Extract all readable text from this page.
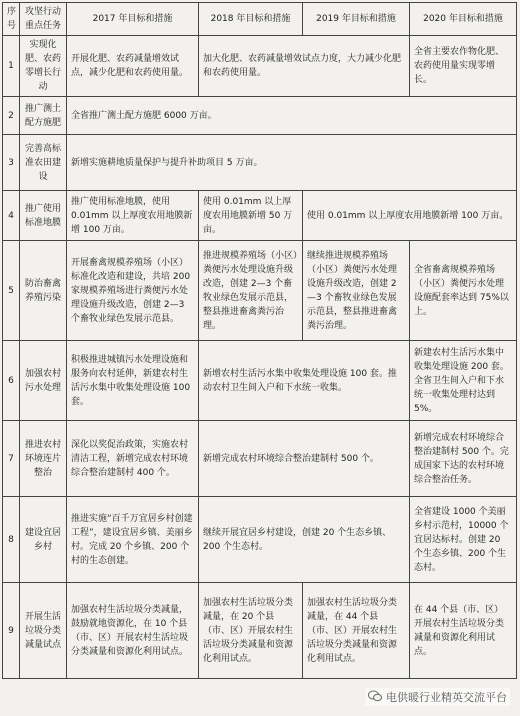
序号	攻坚行动重点任务	2017 年目标和措施	2018 年目标和措施	2019 年目标和措施	2020 年目标和措施
1	实现化肥、农药零增长行动	开展化肥、农药减量增效试点，减少化肥和农药使用量。	加大化肥、农药减量增效试点力度，大力减少化肥和农药使用量。		全省主要农作物化肥、农药使用量实现零增长。
2	推广测土配方施肥	全省推广测土配方施肥 6000 万亩。			
3	完善高标准农田建设	新增实施耕地质量保护与提升补助项目 5 万亩。			
4	推广使用标准地膜	推广使用标准地膜，使用 0.01mm 以上厚度农用地膜新增 100 万亩。	使用 0.01mm 以上厚度农用地膜新增 50 万亩。	使用 0.01mm 以上厚度农用地膜新增 100 万亩。	
5	防治畜禽养殖污染	开展畜禽规模养殖场（小区）标准化改造和建设，共培 200 家规模养殖场进行粪便污水处理设施升级改造，创建 2—3 个畜牧业绿色发展示范县。	推进规模养殖场（小区）粪便污水处理设施升级改造，创建 2—3 个畜牧业绿色发展示范县，整县推进畜禽粪污治理。	继续推进规模养殖场（小区）粪便污水处理设施升级改造，创建 2—3 个畜牧业绿色发展示范县，整县推进畜禽粪污治理。	全省畜禽规模养殖场（小区）粪便污水处理设施配套率达到 75%以上。
6	加强农村污水处理	积极推进城镇污水处理设施和服务向农村延伸，新建农村生活污水集中收集处理设施 100 套。	新增农村生活污水集中收集处理设施 100 套。推动农村卫生间入户和下水统一收集。		新建农村生活污水集中收集处理设施 200 套。全省卫生间入户和下水统一收集处理村达到 5%。
7	推进农村环境连片整治	深化以奖促治政策，实施农村清洁工程，新增完成农村环境综合整治建制村 400 个。	新增完成农村环境综合整治建制村 500 个。		新增完成农村环境综合整治建制村 500 个。完成国家下达的农村环境综合整治任务。
8	建设宜居乡村	推进实施“百千万宜居乡村创建工程”，建设宜居乡镇、美丽乡村。完成 20 个乡镇、200 个村的生态创建。	继续开展宜居乡村建设，创建 20 个生态乡镇、200 个生态村。		全省建设 1000 个美丽乡村示范村，10000 个宜居达标村。创建 20 个生态乡镇、200 个生态村。
9	开展生活垃圾分类减量试点	加强农村生活垃圾分类减量，鼓励就地资源化，在 10 个县（市、区）开展农村生活垃圾分类减量和资源化利用试点。	加强农村生活垃圾分类减量，在 20 个县（市、区）开展农村生活垃圾分类减量和资源化利用试点。	加强农村生活垃圾分类减量，在 44 个县（市、区）开展农村生活垃圾分类减量和资源化利用试点。	在 44 个县（市、区）开展农村生活垃圾分类减量和资源化利用试点。
电供暖行业精英交流平台
